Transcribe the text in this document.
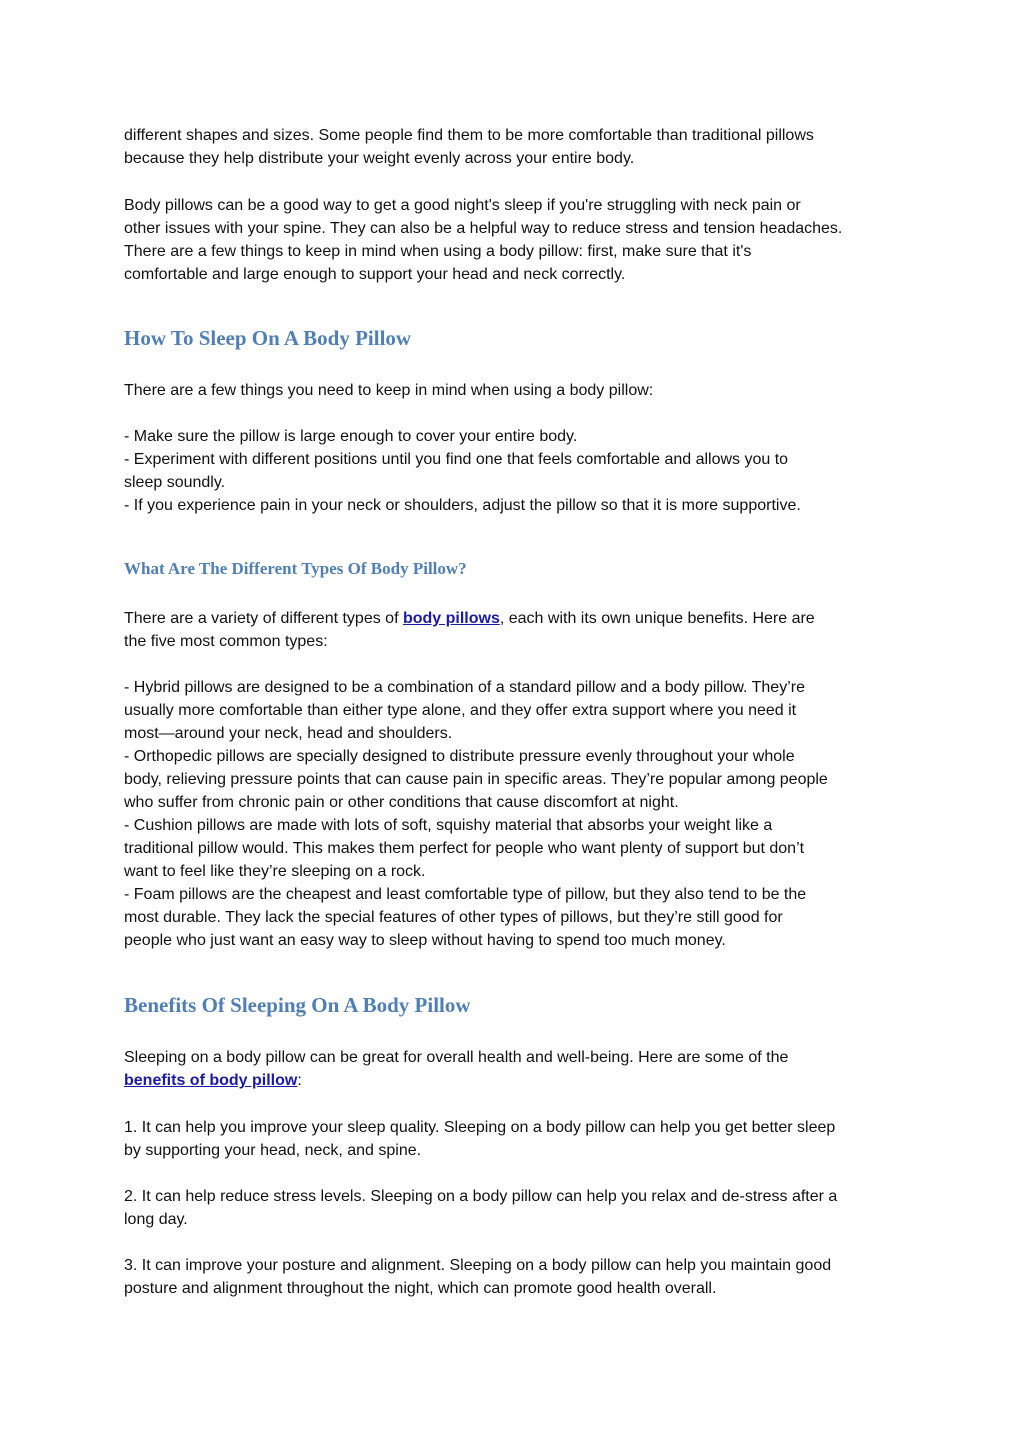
different shapes and sizes. Some people find them to be more comfortable than traditional pillows
because they help distribute your weight evenly across your entire body.
Body pillows can be a good way to get a good night's sleep if you're struggling with neck pain or
other issues with your spine. They can also be a helpful way to reduce stress and tension headaches.
There are a few things to keep in mind when using a body pillow: first, make sure that it's
comfortable and large enough to support your head and neck correctly.
How To Sleep On A Body Pillow
There are a few things you need to keep in mind when using a body pillow:
- Make sure the pillow is large enough to cover your entire body.
- Experiment with different positions until you find one that feels comfortable and allows you to
sleep soundly.
- If you experience pain in your neck or shoulders, adjust the pillow so that it is more supportive.
What Are The Different Types Of Body Pillow?
There are a variety of different types of body pillows, each with its own unique benefits. Here are
the five most common types:
- Hybrid pillows are designed to be a combination of a standard pillow and a body pillow. They’re
usually more comfortable than either type alone, and they offer extra support where you need it
most—around your neck, head and shoulders.
- Orthopedic pillows are specially designed to distribute pressure evenly throughout your whole
body, relieving pressure points that can cause pain in specific areas. They’re popular among people
who suffer from chronic pain or other conditions that cause discomfort at night.
- Cushion pillows are made with lots of soft, squishy material that absorbs your weight like a
traditional pillow would. This makes them perfect for people who want plenty of support but don’t
want to feel like they’re sleeping on a rock.
- Foam pillows are the cheapest and least comfortable type of pillow, but they also tend to be the
most durable. They lack the special features of other types of pillows, but they’re still good for
people who just want an easy way to sleep without having to spend too much money.
Benefits Of Sleeping On A Body Pillow
Sleeping on a body pillow can be great for overall health and well-being. Here are some of the
benefits of body pillow:
1. It can help you improve your sleep quality. Sleeping on a body pillow can help you get better sleep
by supporting your head, neck, and spine.
2. It can help reduce stress levels. Sleeping on a body pillow can help you relax and de-stress after a
long day.
3. It can improve your posture and alignment. Sleeping on a body pillow can help you maintain good
posture and alignment throughout the night, which can promote good health overall.
